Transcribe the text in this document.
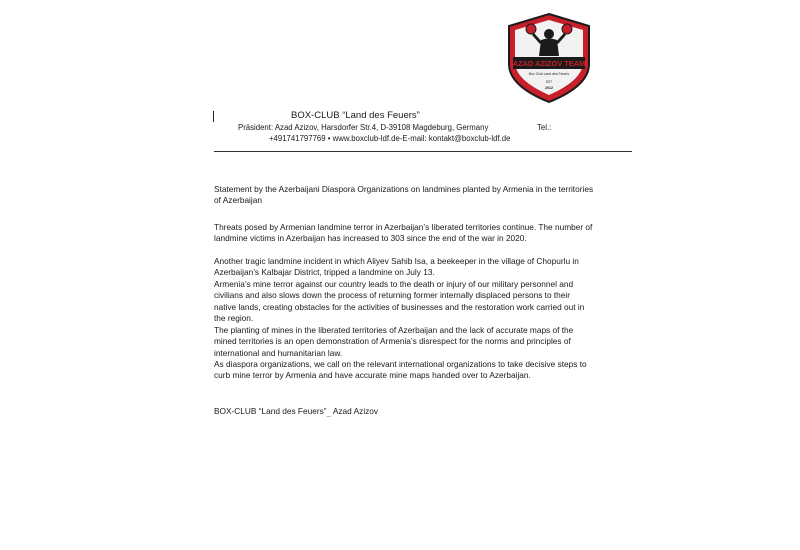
AZAD AZIZOV TEAM
Box Club Land des Feuers
EST
2012
BOX-CLUB “Land des Feuers”
Präsident: Azad Azizov, Harsdorfer Str.4, D-39108 Magdeburg, Germany	Tel.:
+491741797769 • www.boxclub-ldf.de-E-mail: kontakt@boxclub-ldf.de

Statement by the Azerbaijani Diaspora Organizations on landmines planted by Armenia in the territories of Azerbaijan

Threats posed by Armenian landmine terror in Azerbaijan’s liberated territories continue. The number of landmine victims in Azerbaijan has increased to 303 since the end of the war in 2020.

Another tragic landmine incident in which Aliyev Sahib Isa, a beekeeper in the village of Chopurlu in Azerbaijan’s Kalbajar District, tripped a landmine on July 13.

Armenia’s mine terror against our country leads to the death or injury of our military personnel and civilians and also slows down the process of returning former internally displaced persons to their native lands, creating obstacles for the activities of businesses and the restoration work carried out in the region.

The planting of mines in the liberated territories of Azerbaijan and the lack of accurate maps of the mined territories is an open demonstration of Armenia’s disrespect for the norms and principles of international and humanitarian law.

As diaspora organizations, we call on the relevant international organizations to take decisive steps to curb mine terror by Armenia and have accurate mine maps handed over to Azerbaijan.

BOX-CLUB “Land des $Feuers”_{ˬˬˬ}$ Azad Azizov
